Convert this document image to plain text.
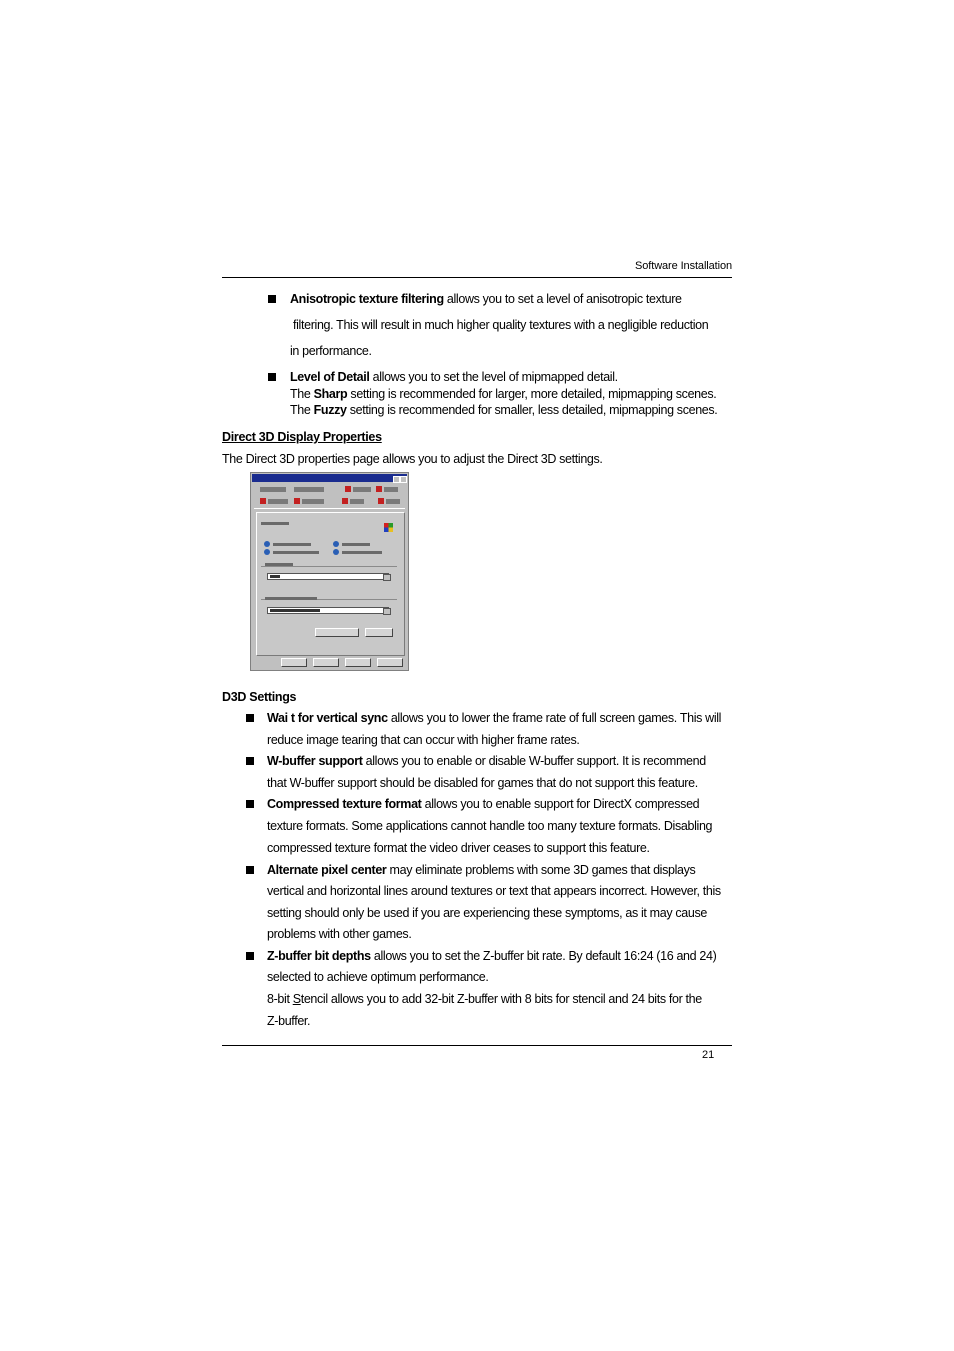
Software Installation
Anisotropic texture filtering allows you to set a level of anisotropic texture
filtering. This will result in much higher quality textures with a negligible reduction
in performance.
Level of Detail allows you to set the level of mipmapped detail.
The Sharp setting is recommended for larger, more detailed, mipmapping scenes.
The Fuzzy setting is recommended for smaller, less detailed, mipmapping scenes.
Direct 3D Display Properties
The Direct 3D properties page allows you to adjust the Direct 3D settings.
D3D Settings
Wai t for vertical sync allows you to lower the frame rate of full screen games. This will
reduce image tearing that can occur with higher frame rates.
W-buffer support allows you to enable or disable W-buffer support. It is recommend
that W-buffer support should be disabled for games that do not support this feature.
Compressed texture format allows you to enable support for DirectX compressed
texture formats. Some applications cannot handle too many texture formats. Disabling
compressed texture format the video driver ceases to support this feature.
Alternate pixel center may eliminate problems with some 3D games that displays
vertical and horizontal lines around textures or text that appears incorrect. However, this
setting should only be used if you are experiencing these symptoms, as it may cause
problems with other games.
Z-buffer bit depths allows you to set the Z-buffer bit rate. By default 16:24 (16 and 24)
selected to achieve optimum performance.
8-bit Stencil allows you to add 32-bit Z-buffer with 8 bits for stencil and 24 bits for the
Z-buffer.
21
